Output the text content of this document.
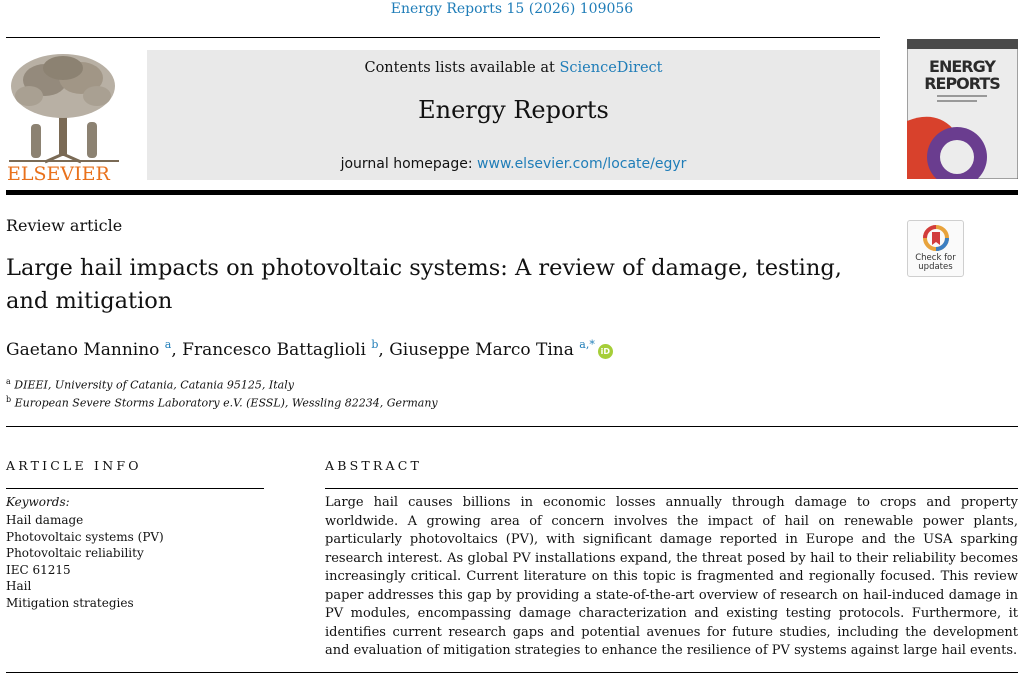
Energy Reports 15 (2026) 109056
ELSEVIER
Contents lists available at ScienceDirect
Energy Reports
journal homepage: www.elsevier.com/locate/egyr
ENERGY
REPORTS
e
Review article
Check for updates
Large hail impacts on photovoltaic systems: A review of damage, testing, and mitigation
Gaetano Mannino $^a$, Francesco Battaglioli $^b$, Giuseppe Marco Tina $^{a,*}$iD
$^a$ DIEEI, University of Catania, Catania 95125, Italy
$^b$ European Severe Storms Laboratory e.V. (ESSL), Wessling 82234, Germany
ARTICLE INFO	ABSTRACT
Keywords:
Hail damage
Photovoltaic systems (PV)
Photovoltaic reliability
IEC 61215
Hail
Mitigation strategies

Large hail causes billions in economic losses annually through damage to crops and property worldwide. A growing area of concern involves the impact of hail on renewable power plants, particularly photovoltaics (PV), with significant damage reported in Europe and the USA sparking research interest. As global PV installations expand, the threat posed by hail to their reliability becomes increasingly critical. Current literature on this topic is fragmented and regionally focused. This review paper addresses this gap by providing a state-of-the-art overview of research on hail-induced damage in PV modules, encompassing damage characterization and existing testing protocols. Furthermore, it identifies current research gaps and potential avenues for future studies, including the development and evaluation of mitigation strategies to enhance the resilience of PV systems against large hail events.
